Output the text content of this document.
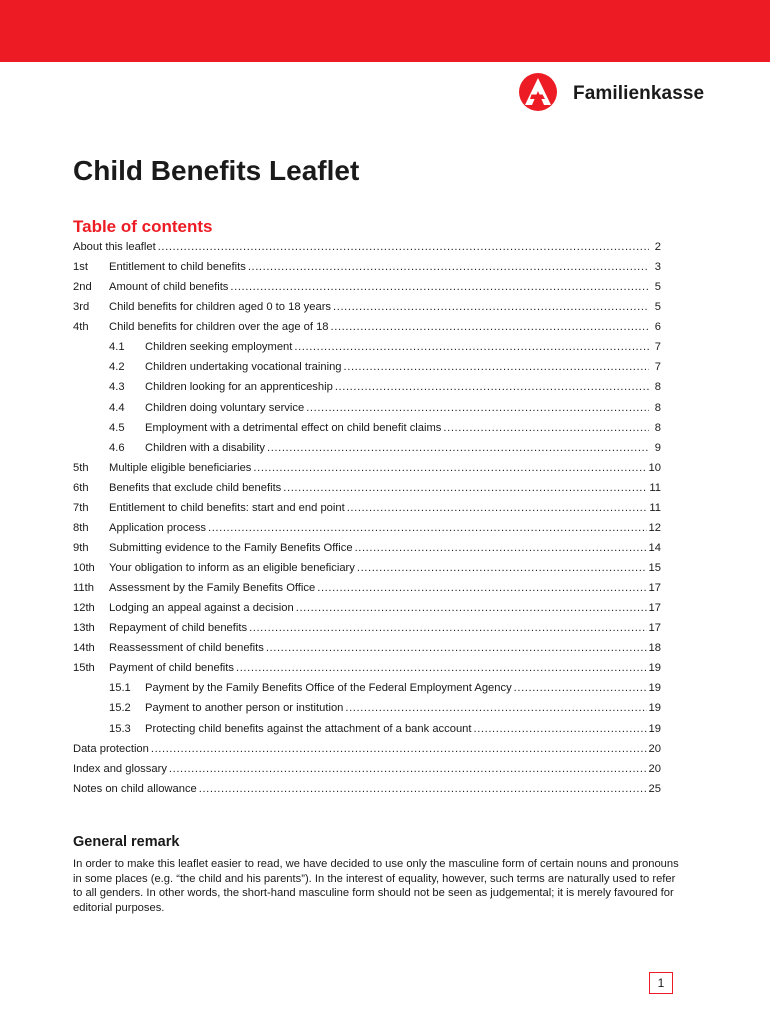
Familienkasse
Child Benefits Leaflet
Table of contents
About this leaflet .....	2
1st	Entitlement to child benefits .....	3
2nd	Amount of child benefits .....	5
3rd	Child benefits for children aged 0 to 18 years .....	5
4th	Child benefits for children over the age of 18 .....	6
4.1	Children seeking employment .....	7
4.2	Children undertaking vocational training .....	7
4.3	Children looking for an apprenticeship .....	8
4.4	Children doing voluntary service .....	8
4.5	Employment with a detrimental effect on child benefit claims .....	8
4.6	Children with a disability .....	9
5th	Multiple eligible beneficiaries .....	10
6th	Benefits that exclude child benefits .....	11
7th	Entitlement to child benefits: start and end point .....	11
8th	Application process .....	12
9th	Submitting evidence to the Family Benefits Office .....	14
10th	Your obligation to inform as an eligible beneficiary .....	15
11th	Assessment by the Family Benefits Office .....	17
12th	Lodging an appeal against a decision .....	17
13th	Repayment of child benefits .....	17
14th	Reassessment of child benefits .....	18
15th	Payment of child benefits .....	19
15.1	Payment by the Family Benefits Office of the Federal Employment Agency .....	19
15.2	Payment to another person or institution .....	19
15.3	Protecting child benefits against the attachment of a bank account .....	19
Data protection .....	20
Index and glossary .....	20
Notes on child allowance .....	25
General remark

In order to make this leaflet easier to read, we have decided to use only the masculine form of certain nouns and pronouns in some places (e.g. “the child and his parents”). In the interest of equality, however, such terms are naturally used to refer to all genders. In other words, the short-hand masculine form should not be seen as judgemental; it is merely favoured for editorial purposes.

1
